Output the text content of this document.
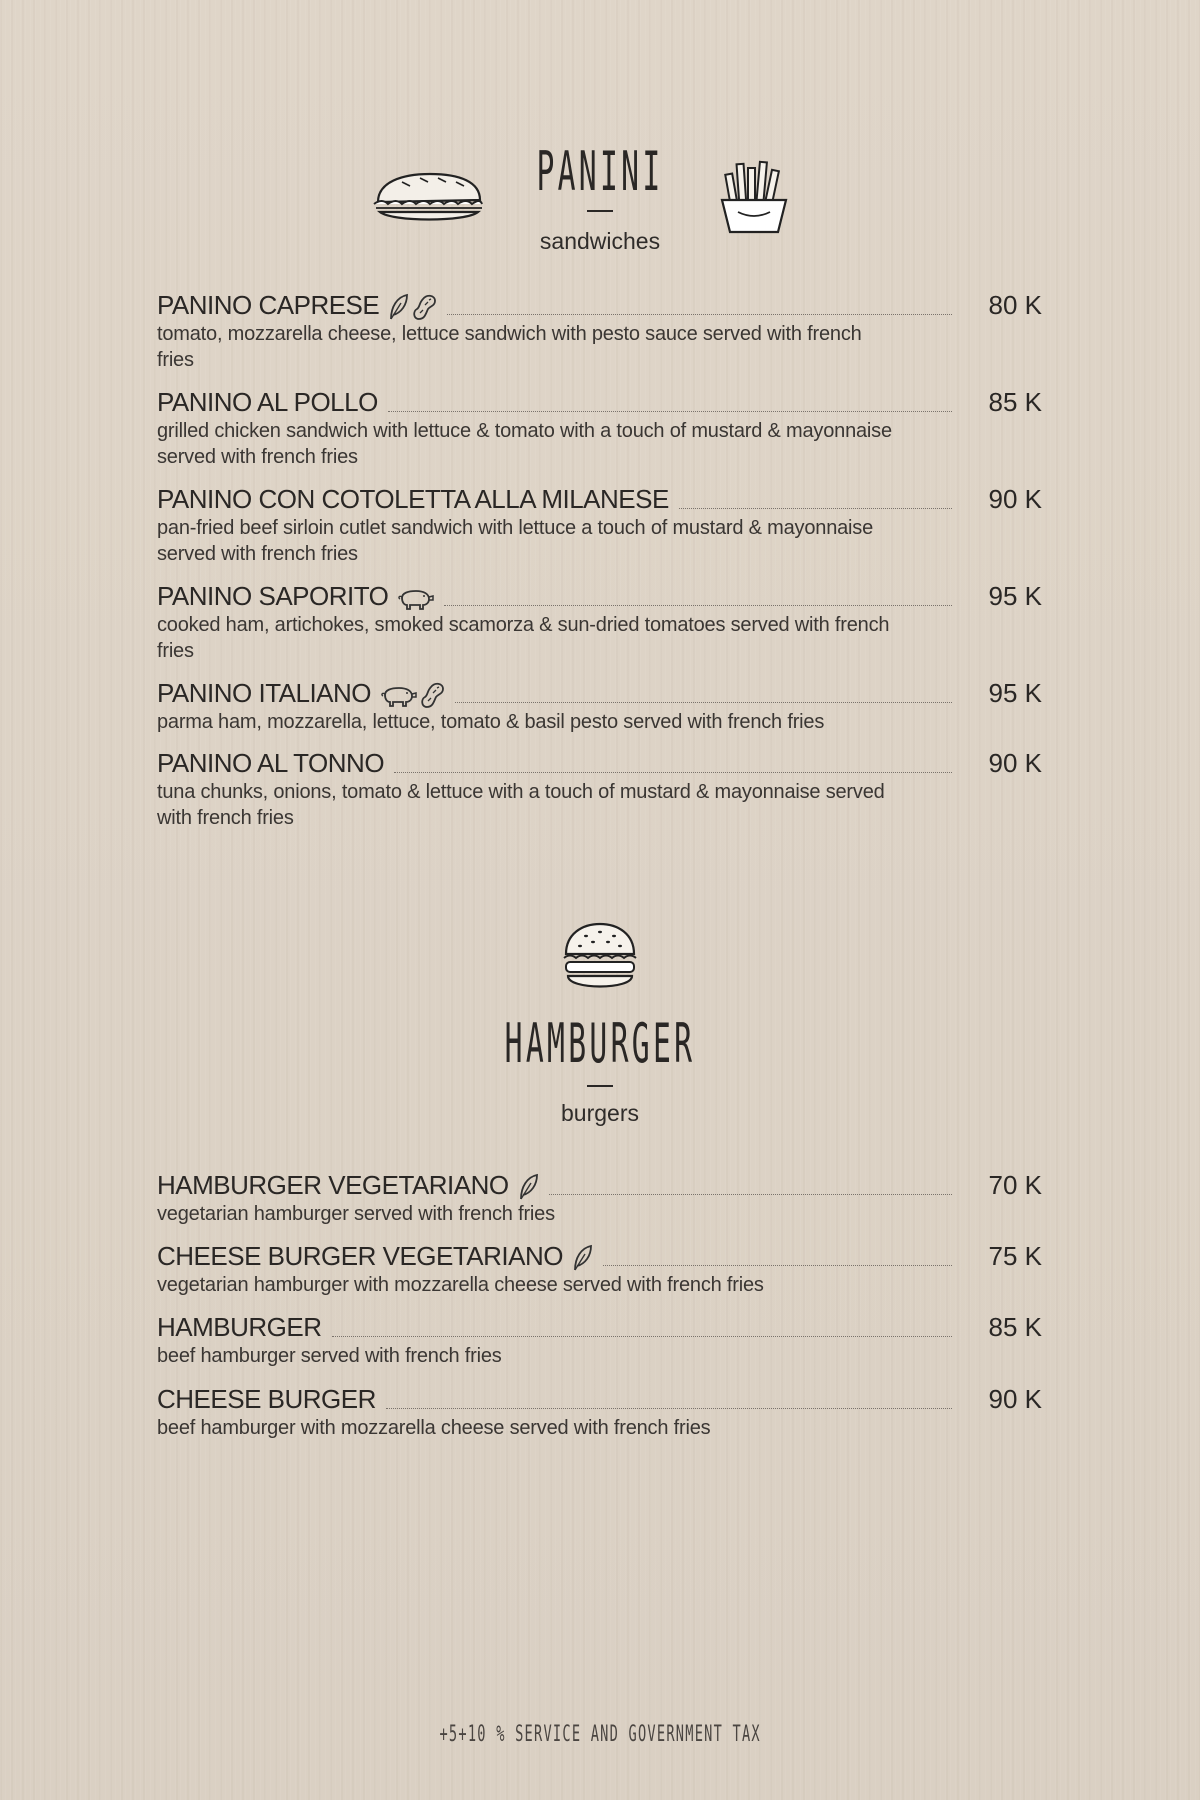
PANINI
sandwiches
PANINO CAPRESE	80 K
tomato, mozzarella cheese, lettuce sandwich with pesto sauce served with french fries
PANINO AL POLLO	85 K
grilled chicken sandwich with lettuce & tomato with a touch of mustard & mayonnaise served with french fries
PANINO CON COTOLETTA ALLA MILANESE	90 K
pan-fried beef sirloin cutlet sandwich with lettuce a touch of mustard & mayonnaise served with french fries
PANINO SAPORITO	95 K
cooked ham, artichokes, smoked scamorza & sun-dried tomatoes served with french fries
PANINO ITALIANO	95 K
parma ham, mozzarella, lettuce, tomato & basil pesto served with french fries
PANINO AL TONNO	90 K
tuna chunks, onions, tomato & lettuce with a touch of mustard & mayonnaise served with french fries
HAMBURGER
burgers
HAMBURGER VEGETARIANO	70 K
vegetarian hamburger served with french fries
CHEESE BURGER VEGETARIANO	75 K
vegetarian hamburger with mozzarella cheese served with french fries
HAMBURGER	85 K
beef hamburger served with french fries
CHEESE BURGER	90 K
beef hamburger with mozzarella cheese served with french fries
+5+10 % SERVICE AND GOVERNMENT TAX
